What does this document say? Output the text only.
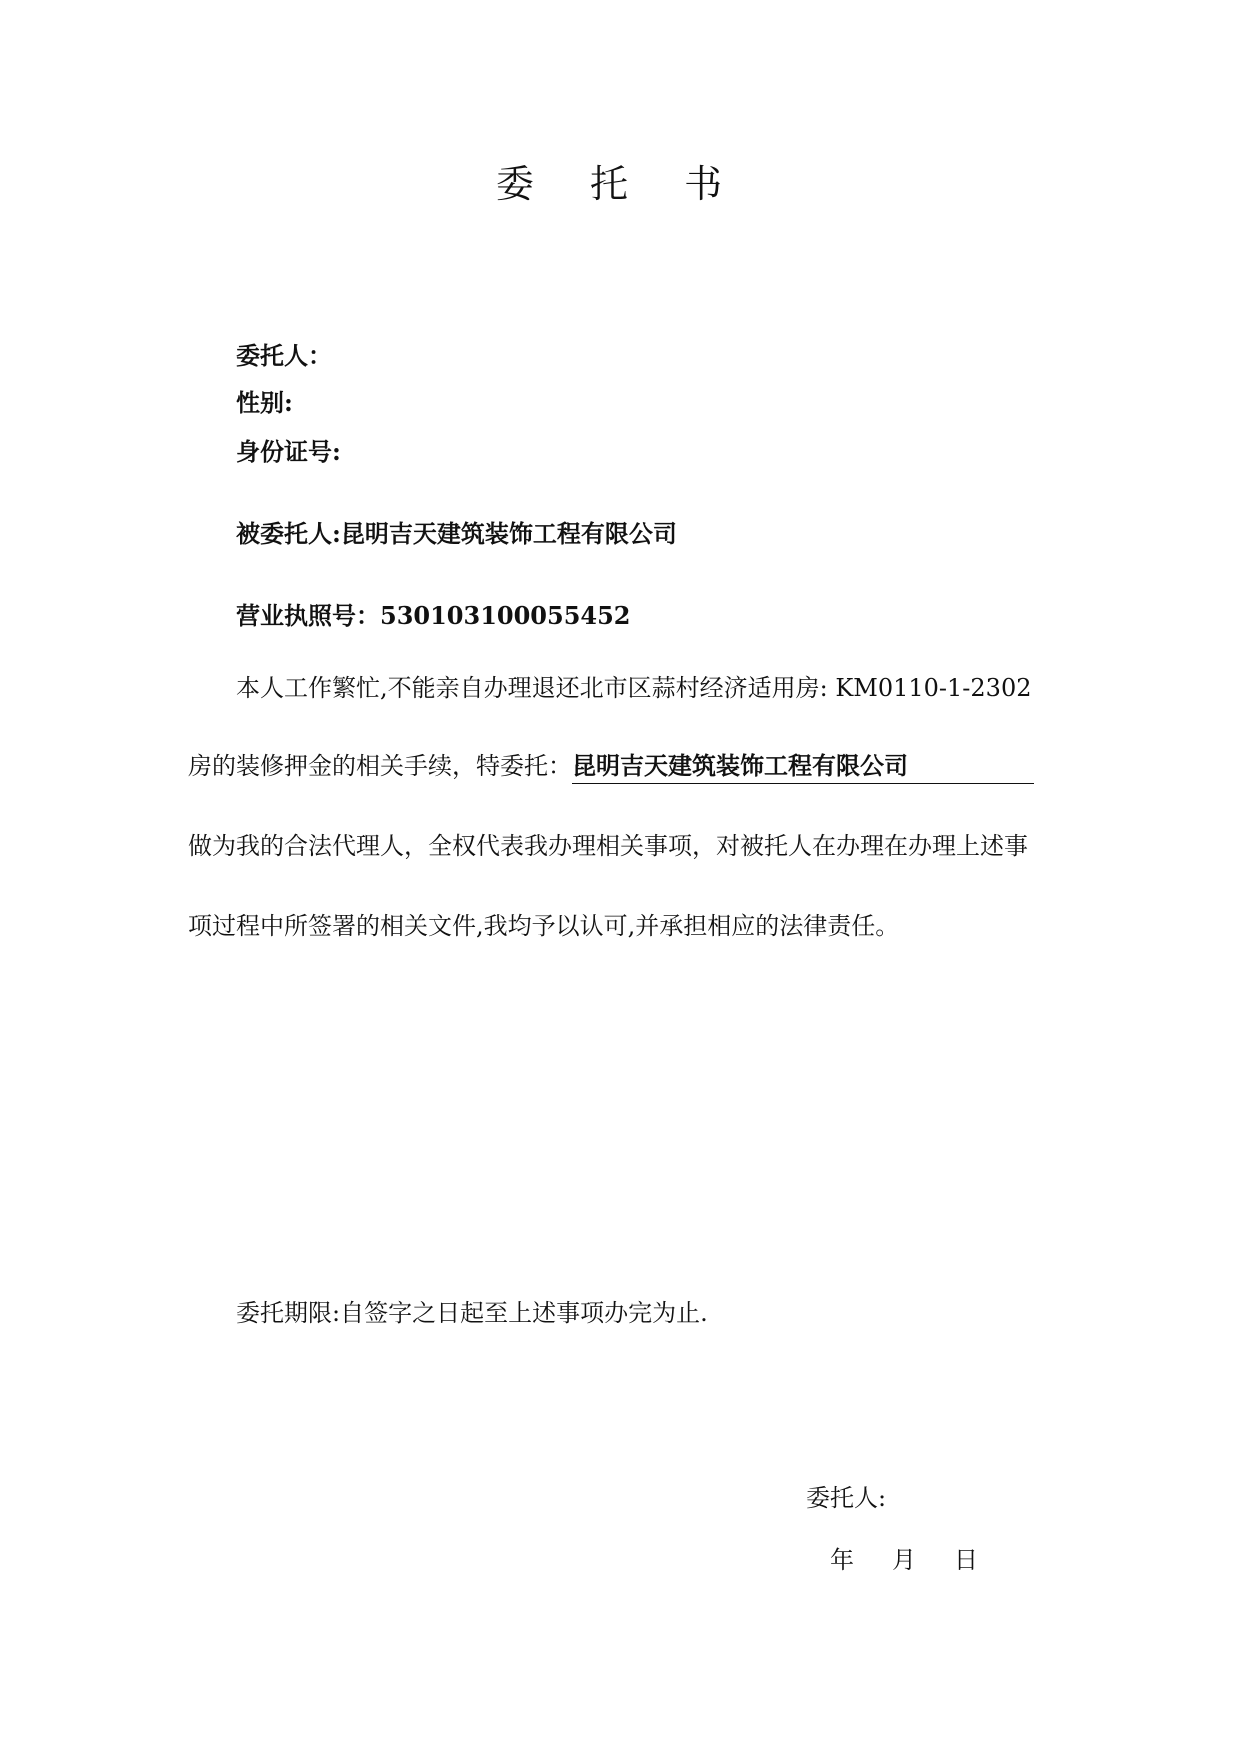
委 托 书
委托人：
性别:
身份证号:
被委托人:昆明吉天建筑装饰工程有限公司
营业执照号：530103100055452
本人工作繁忙,不能亲自办理退还北市区蒜村经济适用房: KM0110-1-2302
房的装修押金的相关手续，特委托：昆明吉天建筑装饰工程有限公司
做为我的合法代理人，全权代表我办理相关事项，对被托人在办理在办理上述事
项过程中所签署的相关文件,我均予以认可,并承担相应的法律责任。
委托期限:自签字之日起至上述事项办完为止.
委托人:
年 月 日
